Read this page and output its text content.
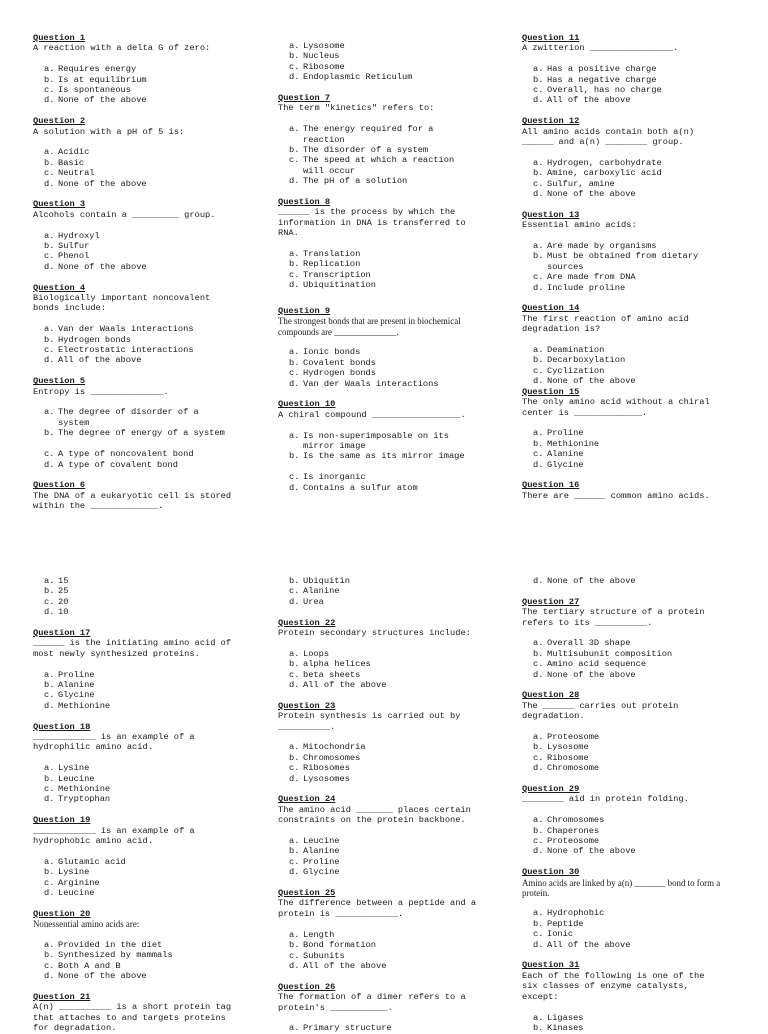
Question 1
A reaction with a delta G of zero:
a. Requires energy
b. Is at equilibrium
c. Is spontaneous
d. None of the above
Question 2
A solution with a pH of 5 is:
a. Acidic
b. Basic
c. Neutral
d. None of the above
Question 3
Alcohols contain a _________ group.
a. Hydroxyl
b. Sulfur
c. Phenol
d. None of the above
Question 4
Biologically important noncovalent
bonds include:
a. Van der Waals interactions
b. Hydrogen bonds
c. Electrostatic interactions
d. All of the above
Question 5
Entropy is ______________.
a. The degree of disorder of a
system
b. The degree of energy of a system
c. A type of noncovalent bond
d. A type of covalent bond
Question 6
The DNA of a eukaryotic cell is stored
within the _____________.
a. Lysosome
b. Nucleus
c. Ribosome
d. Endoplasmic Reticulum
Question 7
The term "kinetics" refers to:
a. The energy required for a
reaction
b. The disorder of a system
c. The speed at which a reaction
will occur
d. The pH of a solution
Question 8
______ is the process by which the
information in DNA is transferred to
RNA.
a. Translation
b. Replication
c. Transcription
d. Ubiquitination
Question 9
The strongest bonds that are present in biochemical
compounds are ______________.
a. Ionic bonds
b. Covalent bonds
c. Hydrogen bonds
d. Van der Waals interactions
Question 10
A chiral compound _________________.
a. Is non-superimposable on its
mirror image
b. Is the same as its mirror image
c. Is inorganic
d. Contains a sulfur atom
Question 11
A zwitterion ________________.
a. Has a positive charge
b. Has a negative charge
c. Overall, has no charge
d. All of the above
Question 12
All amino acids contain both a(n)
______ and a(n) ________ group.
a. Hydrogen, carbohydrate
b. Amine, carboxylic acid
c. Sulfur, amine
d. None of the above
Question 13
Essential amino acids:
a. Are made by organisms
b. Must be obtained from dietary
sources
c. Are made from DNA
d. Include proline
Question 14
The first reaction of amino acid
degradation is?
a. Deamination
b. Decarboxylation
c. Cyclization
d. None of the above
Question 15
The only amino acid without a chiral
center is _____________.
a. Proline
b. Methionine
c. Alanine
d. Glycine
Question 16
There are ______ common amino acids.
a. 15
b. 25
c. 20
d. 10
Question 17
______ is the initiating amino acid of
most newly synthesized proteins.
a. Proline
b. Alanine
c. Glycine
d. Methionine
Question 18
____________ is an example of a
hydrophilic amino acid.
a. Lysine
b. Leucine
c. Methionine
d. Tryptophan
Question 19
____________ is an example of a
hydrophobic amino acid.
a. Glutamic acid
b. Lysine
c. Arginine
d. Leucine
Question 20
Nonessential amino acids are:
a. Provided in the diet
b. Synthesized by mammals
c. Both A and B
d. None of the above
Question 21
A(n) __________ is a short protein tag
that attaches to and targets proteins
for degradation.
b. Ubiquitin
c. Alanine
d. Urea
Question 22
Protein secondary structures include:
a. Loops
b. alpha helices
c. beta sheets
d. All of the above
Question 23
Protein synthesis is carried out by
__________.
a. Mitochondria
b. Chromosomes
c. Ribosomes
d. Lysosomes
Question 24
The amino acid _______ places certain
constraints on the protein backbone.
a. Leucine
b. Alanine
c. Proline
d. Glycine
Question 25
The difference between a peptide and a
protein is ____________.
a. Length
b. Bond formation
c. Subunits
d. All of the above
Question 26
The formation of a dimer refers to a
protein's ___________.
a. Primary structure
d. None of the above
Question 27
The tertiary structure of a protein
refers to its __________.
a. Overall 3D shape
b. Multisubunit composition
c. Amino acid sequence
d. None of the above
Question 28
The ______ carries out protein
degradation.
a. Proteosome
b. Lysosome
c. Ribosome
d. Chromosome
Question 29
________ aid in protein folding.
a. Chromosomes
b. Chaperones
c. Proteosome
d. None of the above
Question 30
Amino acids are linked by a(n) _______ bond to form a
protein.
a. Hydrophobic
b. Peptide
c. Ionic
d. All of the above
Question 31
Each of the following is one of the
six classes of enzyme catalysts,
except:
a. Ligases
b. Kinases
